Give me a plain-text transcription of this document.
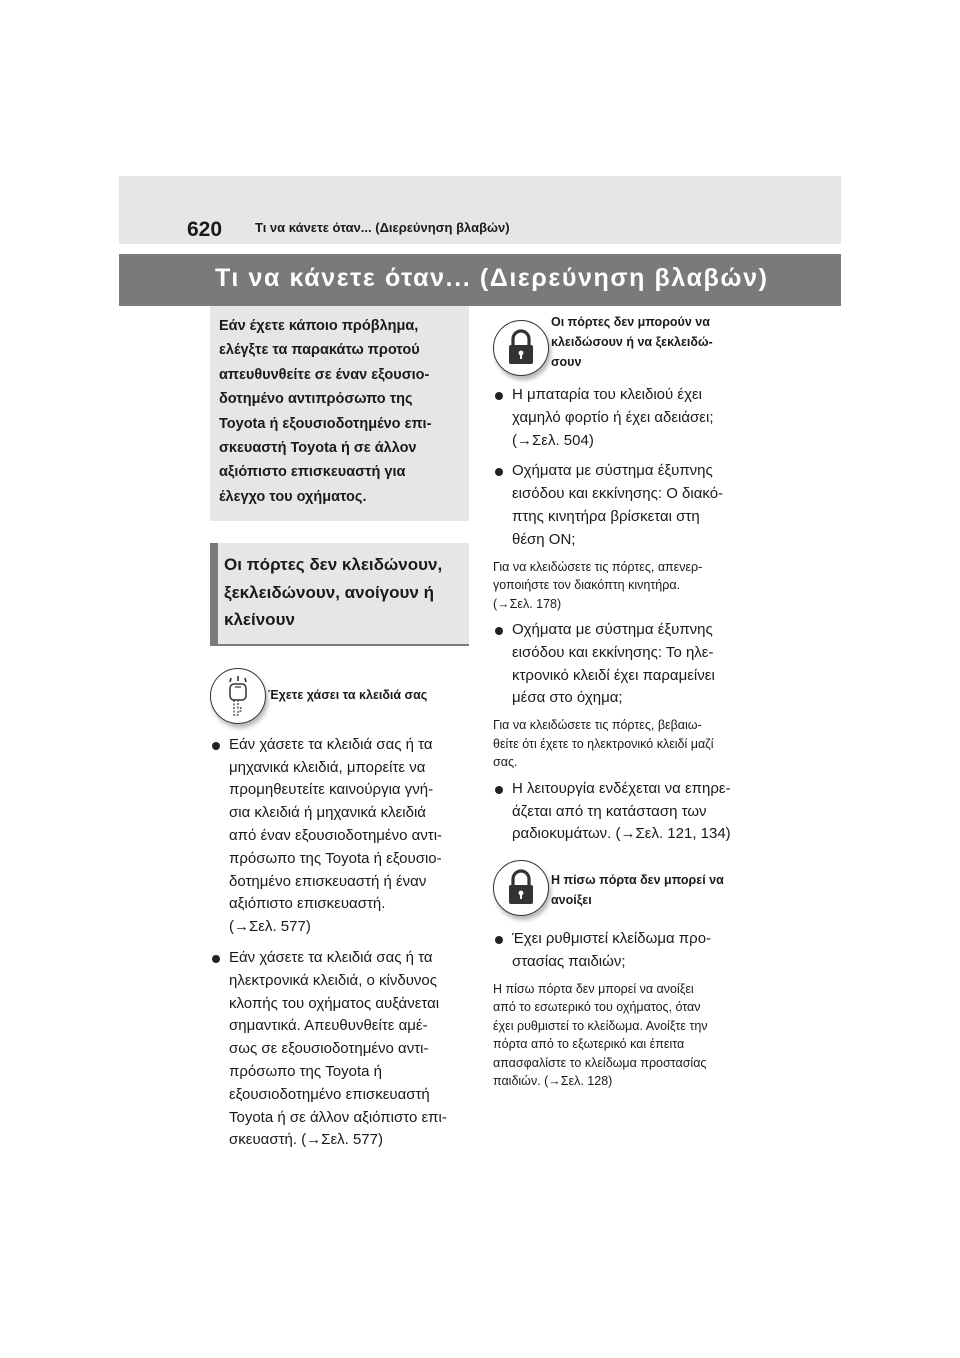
620	Τι να κάνετε όταν... (Διερεύνηση βλαβών)
Τι να κάνετε όταν... (Διερεύνηση βλαβών)
Εάν έχετε κάποιο πρόβλημα,
ελέγξτε τα παρακάτω προτού
απευθυνθείτε σε έναν εξουσιο-
δοτημένο αντιπρόσωπο της
Toyota ή εξουσιοδοτημένο επι-
σκευαστή Toyota ή σε άλλον
αξιόπιστο επισκευαστή για
έλεγχο του οχήματος.
Οι πόρτες δεν κλειδώνουν,
ξεκλειδώνουν, ανοίγουν ή
κλείνουν
Έχετε χάσει τα κλειδιά σας
Εάν χάσετε τα κλειδιά σας ή τα
μηχανικά κλειδιά, μπορείτε να
προμηθευτείτε καινούργια γνή-
σια κλειδιά ή μηχανικά κλειδιά
από έναν εξουσιοδοτημένο αντι-
πρόσωπο της Toyota ή εξουσιο-
δοτημένο επισκευαστή ή έναν
αξιόπιστο επισκευαστή.
(→Σελ. 577)
Εάν χάσετε τα κλειδιά σας ή τα
ηλεκτρονικά κλειδιά, ο κίνδυνος
κλοπής του οχήματος αυξάνεται
σημαντικά. Απευθυνθείτε αμέ-
σως σε εξουσιοδοτημένο αντι-
πρόσωπο της Toyota ή
εξουσιοδοτημένο επισκευαστή
Toyota ή σε άλλον αξιόπιστο επι-
σκευαστή. (→Σελ. 577)
Οι πόρτες δεν μπορούν να
κλειδώσουν ή να ξεκλειδώ-
σουν
Η μπαταρία του κλειδιού έχει
χαμηλό φορτίο ή έχει αδειάσει;
(→Σελ. 504)
Οχήματα με σύστημα έξυπνης
εισόδου και εκκίνησης: Ο διακό-
πτης κινητήρα βρίσκεται στη
θέση ON;
Για να κλειδώσετε τις πόρτες, απενερ-
γοποιήστε τον διακόπτη κινητήρα.
(→Σελ. 178)
Οχήματα με σύστημα έξυπνης
εισόδου και εκκίνησης: Το ηλε-
κτρονικό κλειδί έχει παραμείνει
μέσα στο όχημα;
Για να κλειδώσετε τις πόρτες, βεβαιω-
θείτε ότι έχετε το ηλεκτρονικό κλειδί μαζί
σας.
Η λειτουργία ενδέχεται να επηρε-
άζεται από τη κατάσταση των
ραδιοκυμάτων. (→Σελ. 121, 134)
Η πίσω πόρτα δεν μπορεί να
ανοίξει
Έχει ρυθμιστεί κλείδωμα προ-
στασίας παιδιών;
Η πίσω πόρτα δεν μπορεί να ανοίξει
από το εσωτερικό του οχήματος, όταν
έχει ρυθμιστεί το κλείδωμα. Ανοίξτε την
πόρτα από το εξωτερικό και έπειτα
απασφαλίστε το κλείδωμα προστασίας
παιδιών. (→Σελ. 128)
